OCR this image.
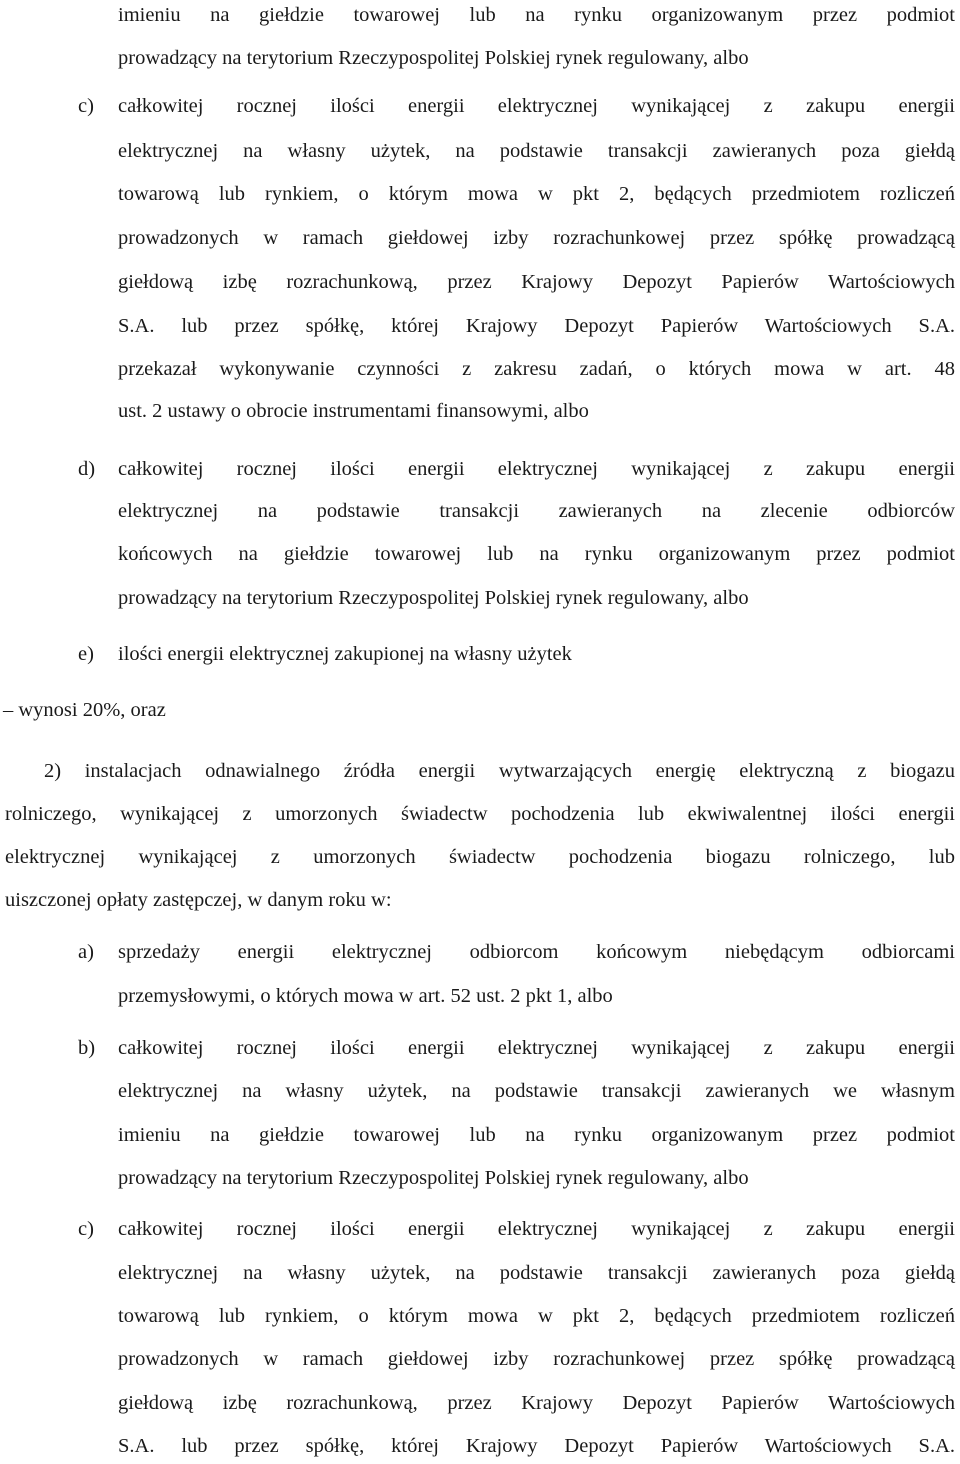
imieniu na giełdzie towarowej lub na rynku organizowanym przez podmiot
prowadzący na terytorium Rzeczypospolitej Polskiej rynek regulowany, albo
c) całkowitej rocznej ilości energii elektrycznej wynikającej z zakupu energii
elektrycznej na własny użytek, na podstawie transakcji zawieranych poza giełdą
towarową lub rynkiem, o którym mowa w pkt 2, będących przedmiotem rozliczeń
prowadzonych w ramach giełdowej izby rozrachunkowej przez spółkę prowadzącą
giełdową izbę rozrachunkową, przez Krajowy Depozyt Papierów Wartościowych
S.A. lub przez spółkę, której Krajowy Depozyt Papierów Wartościowych S.A.
przekazał wykonywanie czynności z zakresu zadań, o których mowa w art. 48
ust. 2 ustawy o obrocie instrumentami finansowymi, albo
d) całkowitej rocznej ilości energii elektrycznej wynikającej z zakupu energii
elektrycznej na podstawie transakcji zawieranych na zlecenie odbiorców
końcowych na giełdzie towarowej lub na rynku organizowanym przez podmiot
prowadzący na terytorium Rzeczypospolitej Polskiej rynek regulowany, albo
e) ilości energii elektrycznej zakupionej na własny użytek
– wynosi 20%, oraz
2) instalacjach odnawialnego źródła energii wytwarzających energię elektryczną z biogazu
rolniczego, wynikającej z umorzonych świadectw pochodzenia lub ekwiwalentnej ilości energii
elektrycznej wynikającej z umorzonych świadectw pochodzenia biogazu rolniczego, lub
uiszczonej opłaty zastępczej, w danym roku w:
a) sprzedaży energii elektrycznej odbiorcom końcowym niebędącym odbiorcami
przemysłowymi, o których mowa w art. 52 ust. 2 pkt 1, albo
b) całkowitej rocznej ilości energii elektrycznej wynikającej z zakupu energii
elektrycznej na własny użytek, na podstawie transakcji zawieranych we własnym
imieniu na giełdzie towarowej lub na rynku organizowanym przez podmiot
prowadzący na terytorium Rzeczypospolitej Polskiej rynek regulowany, albo
c) całkowitej rocznej ilości energii elektrycznej wynikającej z zakupu energii
elektrycznej na własny użytek, na podstawie transakcji zawieranych poza giełdą
towarową lub rynkiem, o którym mowa w pkt 2, będących przedmiotem rozliczeń
prowadzonych w ramach giełdowej izby rozrachunkowej przez spółkę prowadzącą
giełdową izbę rozrachunkową, przez Krajowy Depozyt Papierów Wartościowych
S.A. lub przez spółkę, której Krajowy Depozyt Papierów Wartościowych S.A.
